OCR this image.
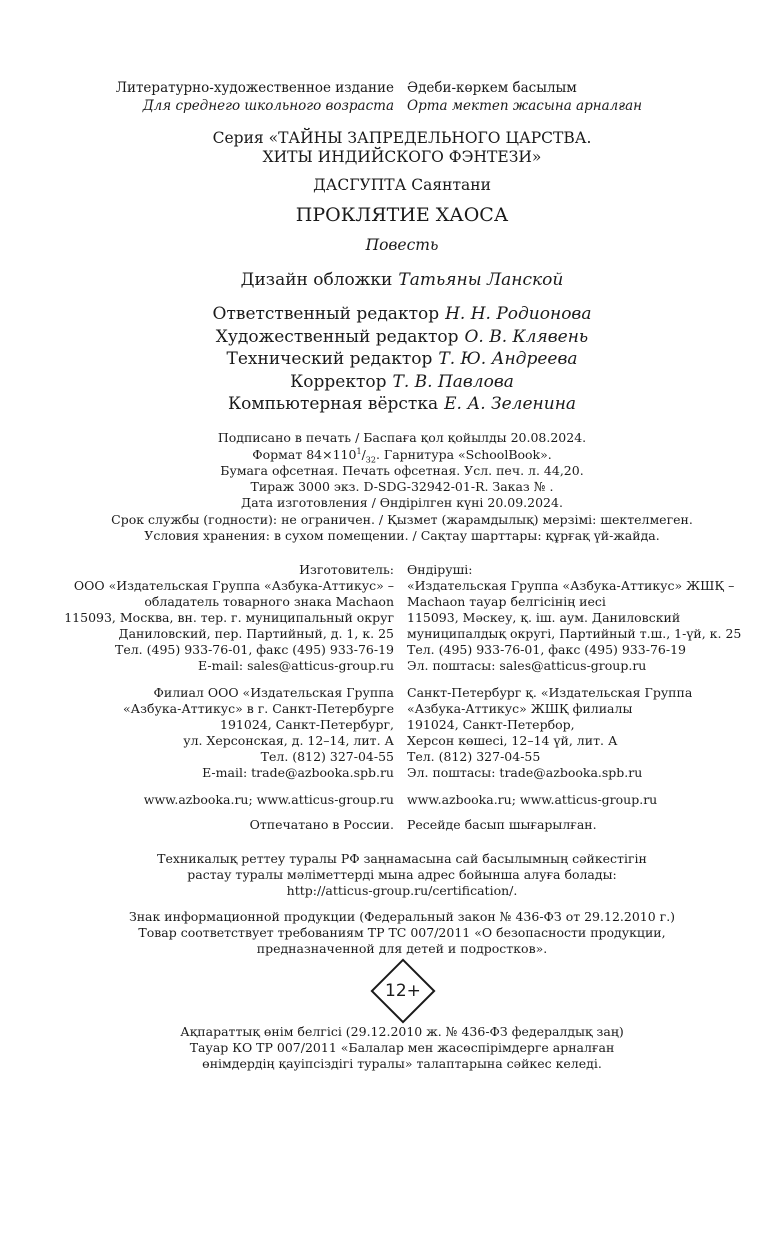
Литературно-художественное издание Әдеби-көркем басылым
Для среднего школьного возраста Орта мектеп жасына арналған
Серия «ТАЙНЫ ЗАПРЕДЕЛЬНОГО ЦАРСТВА.
ХИТЫ ИНДИЙСКОГО ФЭНТЕЗИ»
ДАСГУПТА Саянтани
ПРОКЛЯТИЕ ХАОСА
Повесть
Дизайн обложки Татьяны Ланской
Ответственный редактор Н. Н. Родионова
Художественный редактор О. В. Клявень
Технический редактор Т. Ю. Андреева
Корректор Т. В. Павлова
Компьютерная вёрстка Е. А. Зеленина
Подписано в печать / Баспаға қол қойылды 20.08.2024.
Формат $84\times 110^1/_{32}$. Гарнитура «SchoolBook».
Бумага офсетная. Печать офсетная. Усл. печ. л. 44,20.
Тираж 3000 экз. D-SDG-32942-01-R. Заказ № .
Дата изготовления / Өндірілген күні 20.09.2024.
Срок службы (годности): не ограничен. / Қызмет (жарамдылық) мерзімі: шектелмеген.
Условия хранения: в сухом помещении. / Сақтау шарттары: құрғақ үй-жайда.
Изготовитель:
ООО «Издательская Группа «Азбука-Аттикус» –
обладатель товарного знака Machaon
115093, Москва, вн. тер. г. муниципальный округ
Даниловский, пер. Партийный, д. 1, к. 25
Тел. (495) 933-76-01, факс (495) 933-76-19
E-mail: sales@atticus-group.ru
Өндіруші:
«Издательская Группа «Азбука-Аттикус» ЖШҚ –
Machaon тауар белгісінің иесі
115093, Мәскеу, қ. іш. аум. Даниловский
муниципалдық округі, Партийный т.ш., 1-үй, к. 25
Тел. (495) 933-76-01, факс (495) 933-76-19
Эл. поштасы: sales@atticus-group.ru
Филиал ООО «Издательская Группа
«Азбука-Аттикус» в г. Санкт-Петербурге
191024, Санкт-Петербург,
ул. Херсонская, д. 12–14, лит. А
Тел. (812) 327-04-55
E-mail: trade@azbooka.spb.ru
Санкт-Петербург қ. «Издательская Группа
«Азбука-Аттикус» ЖШҚ филиалы
191024, Санкт-Петербор,
Херсон көшесі, 12–14 үй, лит. А
Тел. (812) 327-04-55
Эл. поштасы: trade@azbooka.spb.ru
www.azbooka.ru; www.atticus-group.ru www.azbooka.ru; www.atticus-group.ru
Отпечатано в России. Ресейде басып шығарылған.
Техникалық реттеу туралы РФ заңнамасына сай басылымның сәйкестігін
растау туралы мәліметтерді мына адрес бойынша алуға болады:
http://atticus-group.ru/certification/.
Знак информационной продукции (Федеральный закон № 436-ФЗ от 29.12.2010 г.)
Товар соответствует требованиям ТР ТС 007/2011 «О безопасности продукции,
предназначенной для детей и подростков».
12+
Ақпараттық өнім белгісі (29.12.2010 ж. № 436-ФЗ федералдық заң)
Тауар КО ТР 007/2011 «Балалар мен жасөспірімдерге арналған
өнімдердің қауіпсіздігі туралы» талаптарына сәйкес келеді.
